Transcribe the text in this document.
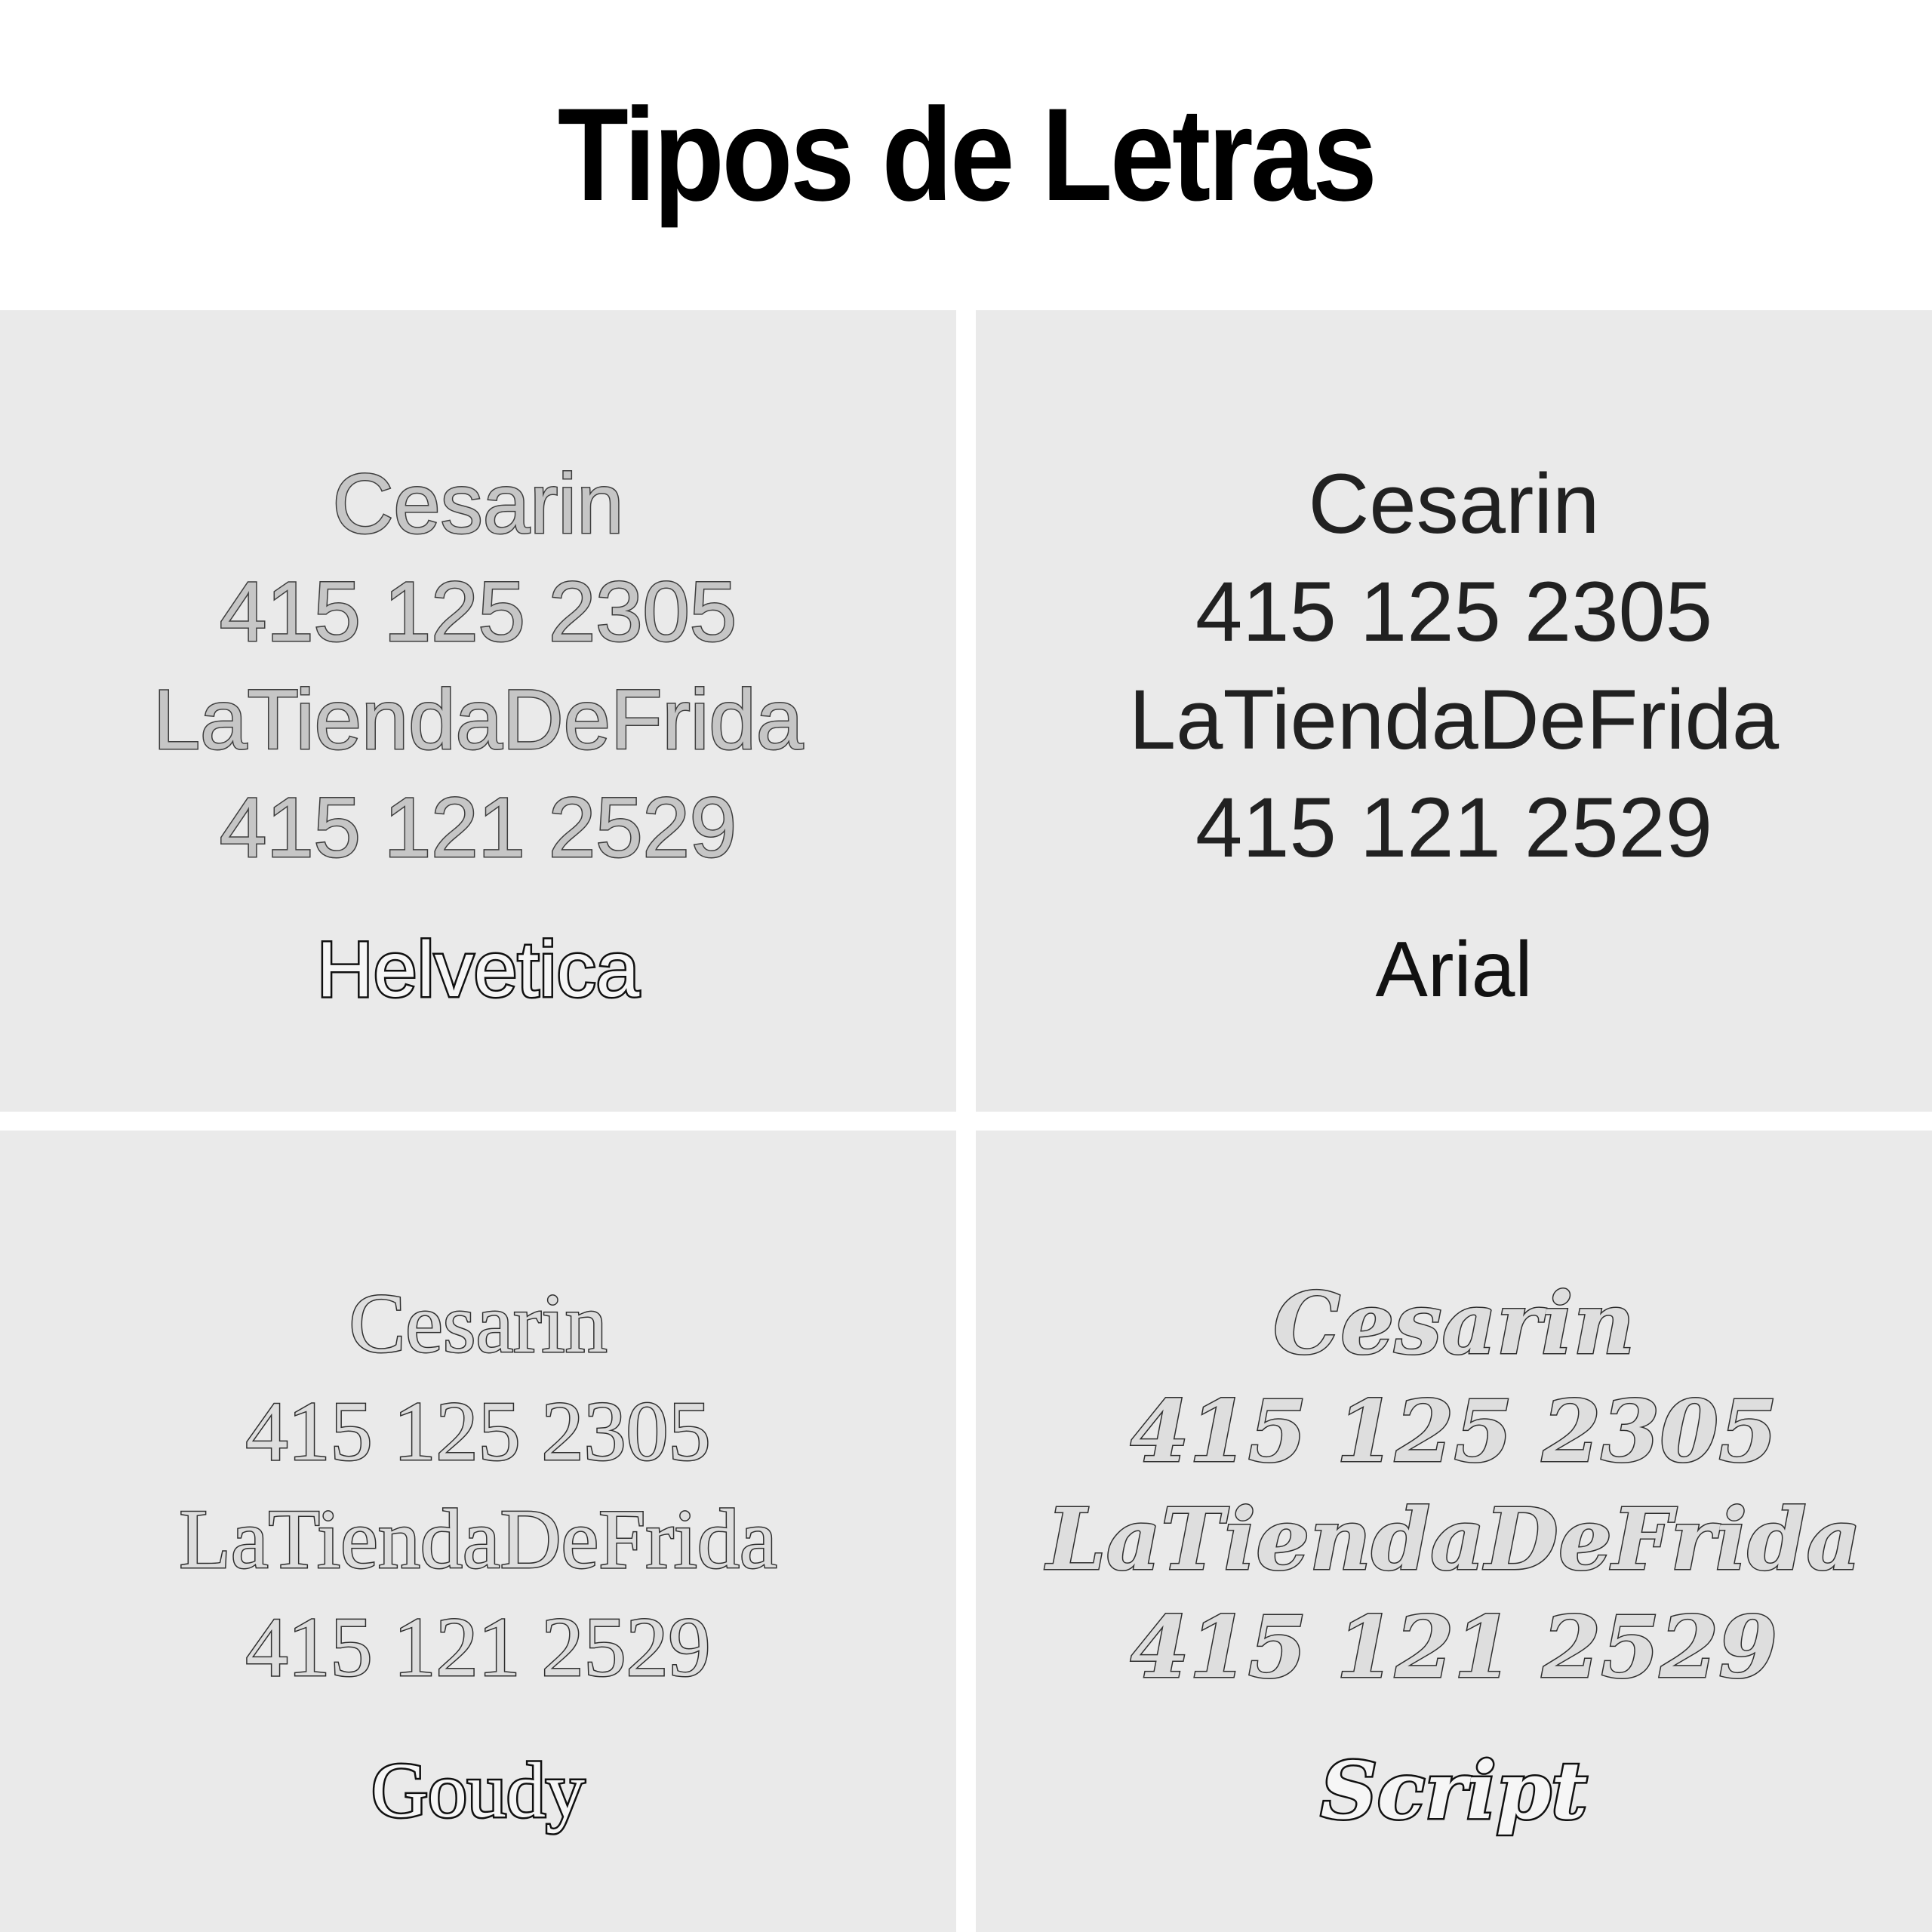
Tipos de Letras
Cesarin
415 125 2305
LaTiendaDeFrida
415 121 2529
Helvetica
Cesarin
415 125 2305
LaTiendaDeFrida
415 121 2529
Arial
Cesarin
415 125 2305
LaTiendaDeFrida
415 121 2529
Goudy
Cesarin
415 125 2305
LaTiendaDeFrida
415 121 2529
Script
